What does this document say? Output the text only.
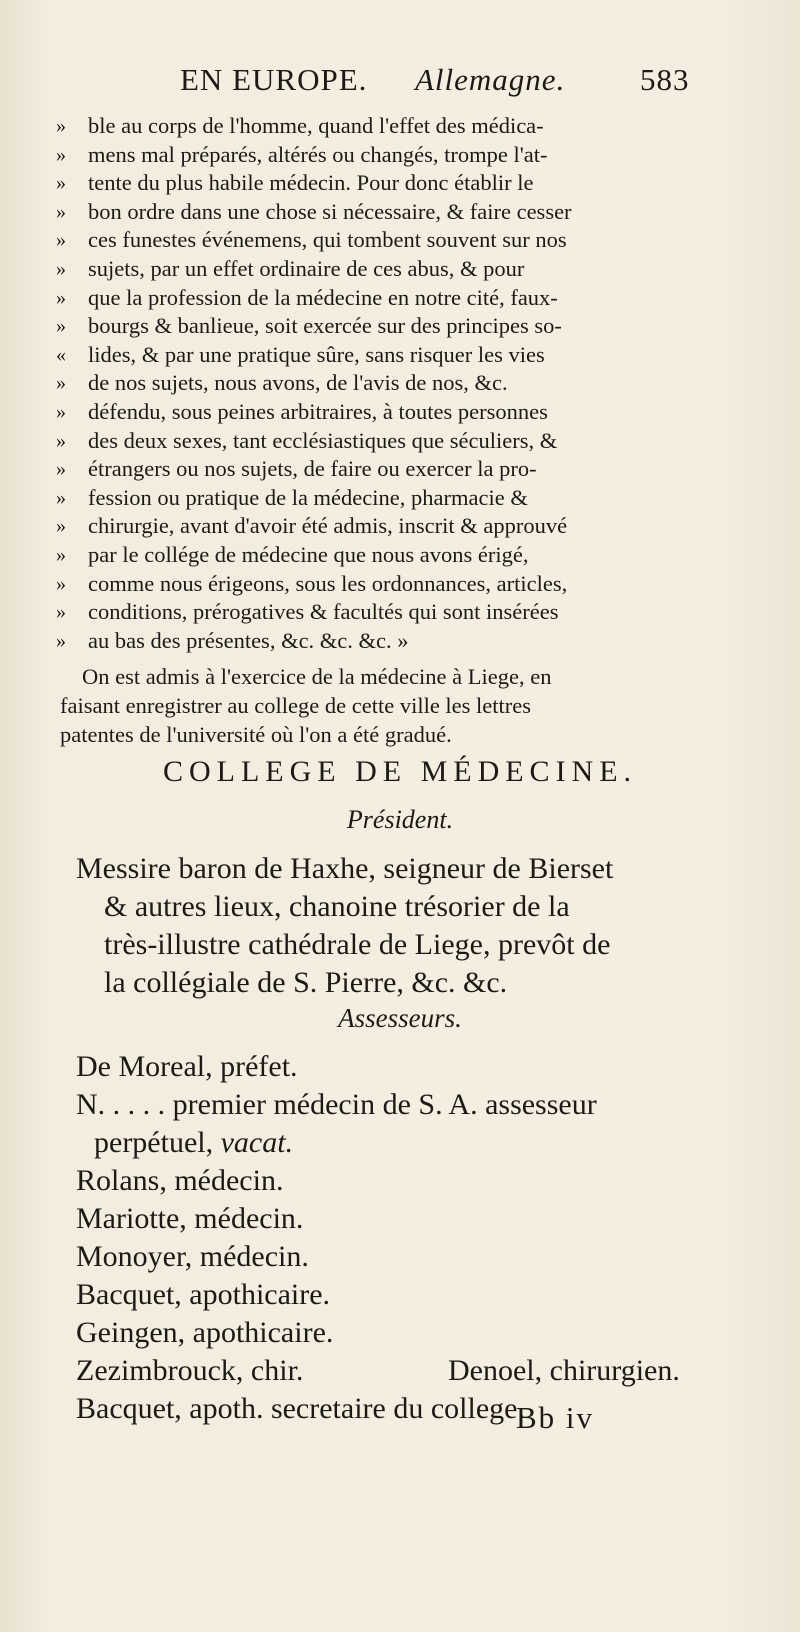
EN EUROPE. Allemagne. 583
» ble au corps de l'homme, quand l'effet des médica-
» mens mal préparés, altérés ou changés, trompe l'at-
» tente du plus habile médecin. Pour donc établir le
» bon ordre dans une chose si nécessaire, & faire cesser
» ces funestes événemens, qui tombent souvent sur nos
» sujets, par un effet ordinaire de ces abus, & pour
» que la profession de la médecine en notre cité, faux-
» bourgs & banlieue, soit exercée sur des principes so-
« lides, & par une pratique sûre, sans risquer les vies
» de nos sujets, nous avons, de l'avis de nos, &c.
» défendu, sous peines arbitraires, à toutes personnes
» des deux sexes, tant ecclésiastiques que séculiers, &
» étrangers ou nos sujets, de faire ou exercer la pro-
» fession ou pratique de la médecine, pharmacie &
» chirurgie, avant d'avoir été admis, inscrit & approuvé
» par le collége de médecine que nous avons érigé,
» comme nous érigeons, sous les ordonnances, articles,
» conditions, prérogatives & facultés qui sont insérées
» au bas des présentes, &c. &c. &c. »
On est admis à l'exercice de la médecine à Liege, en
faisant enregistrer au college de cette ville les lettres
patentes de l'université où l'on a été gradué.
COLLEGE DE MÉDECINE.
Président.
Messire baron de Haxhe, seigneur de Bierset
& autres lieux, chanoine trésorier de la
très-illustre cathédrale de Liege, prevôt de
la collégiale de S. Pierre, &c. &c.
Assesseurs.
De Moreal, préfet.
N. . . . . premier médecin de S. A. assesseur
perpétuel, vacat.
Rolans, médecin.
Mariotte, médecin.
Monoyer, médecin.
Bacquet, apothicaire.
Geingen, apothicaire.
Zezimbrouck, chir.	Denoel, chirurgien.
Bacquet, apoth. secretaire du college.
Bb iv
